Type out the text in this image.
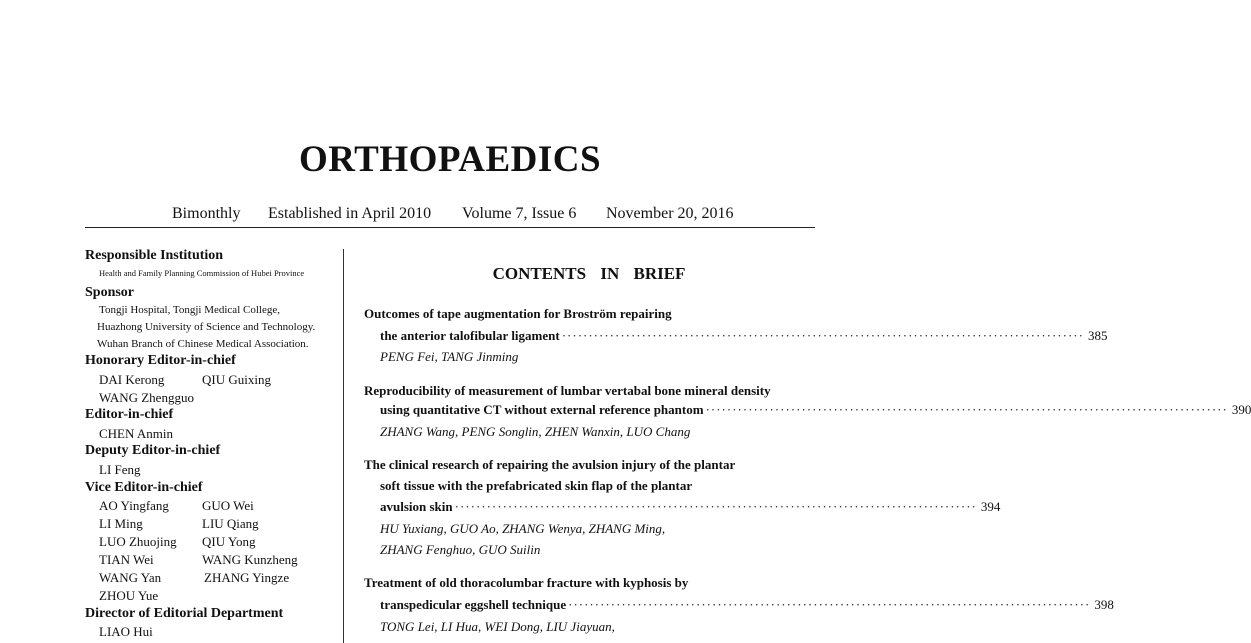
ORTHOPAEDICS
Bimonthly Established in April 2010 Volume 7, Issue 6 November 20, 2016
Responsible Institution
Health and Family Planning Commission of Hubei Province
Sponsor
Tongji Hospital, Tongji Medical College,
Huazhong University of Science and Technology.
Wuhan Branch of Chinese Medical Association.
Honorary Editor-in-chief
DAI Kerong	QIU Guixing
WANG Zhengguo
Editor-in-chief
CHEN Anmin
Deputy Editor-in-chief
LI Feng
Vice Editor-in-chief
AO Yingfang	GUO Wei
LI Ming	LIU Qiang
LUO Zhuojing QIU Yong
TIAN Wei	WANG Kunzheng
WANG Yan	ZHANG Yingze
ZHOU Yue
Director of Editorial Department
LIAO Hui
CONTENTS IN BRIEF
Outcomes of tape augmentation for Broström repairing
the anterior talofibular ligament ·································································································· 385
PENG Fei, TANG Jinming
Reproducibility of measurement of lumbar vertabal bone mineral density
using quantitative CT without external reference phantom ·································································································· 390
ZHANG Wang, PENG Songlin, ZHEN Wanxin, LUO Chang
The clinical research of repairing the avulsion injury of the plantar
soft tissue with the prefabricated skin flap of the plantar
avulsion skin ·································································································· 394
HU Yuxiang, GUO Ao, ZHANG Wenya, ZHANG Ming,
ZHANG Fenghuo, GUO Suilin
Treatment of old thoracolumbar fracture with kyphosis by
transpedicular eggshell technique ·································································································· 398
TONG Lei, LI Hua, WEI Dong, LIU Jiayuan,
